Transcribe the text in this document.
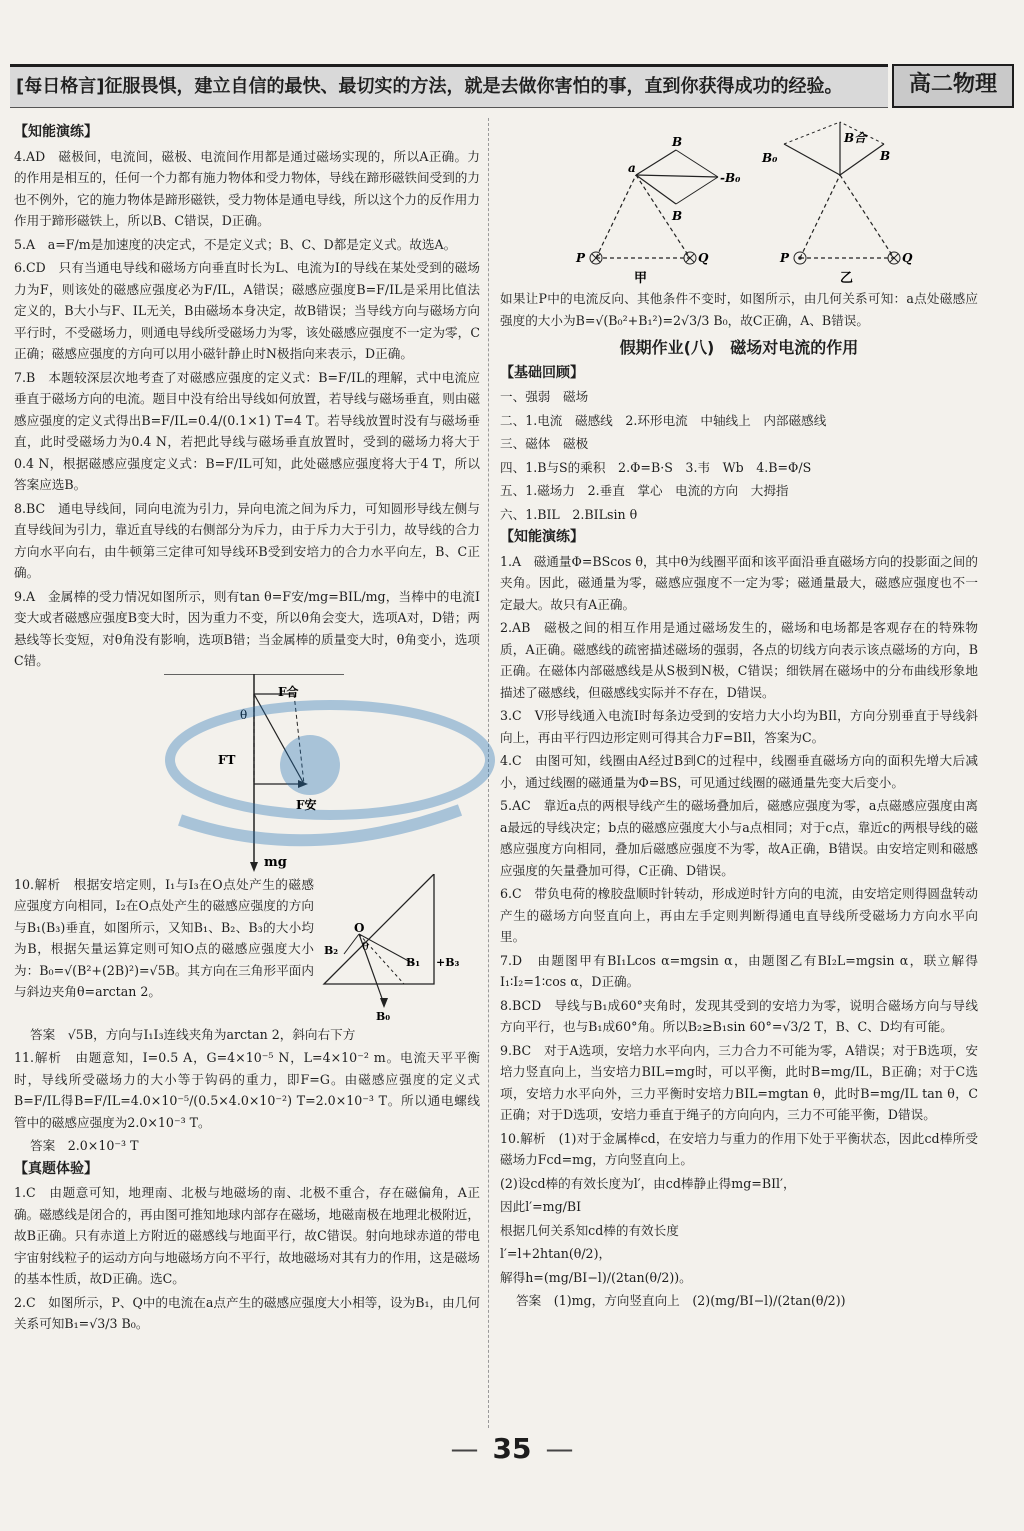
[每日格言]征服畏惧，建立自信的最快、最切实的方法，就是去做你害怕的事，直到你获得成功的经验。	高二物理
【知能演练】
4.AD　磁极间，电流间，磁极、电流间作用都是通过磁场实现的，所以A正确。力的作用是相互的，任何一个力都有施力物体和受力物体，导线在蹄形磁铁间受到的力也不例外，它的施力物体是蹄形磁铁，受力物体是通电导线，所以这个力的反作用力作用于蹄形磁铁上，所以B、C错误，D正确。
5.A　a=F/m是加速度的决定式，不是定义式；B、C、D都是定义式。故选A。
6.CD　只有当通电导线和磁场方向垂直时长为L、电流为I的导线在某处受到的磁场力为F，则该处的磁感应强度必为F/IL，A错误；磁感应强度B=F/IL是采用比值法定义的，B大小与F、IL无关，B由磁场本身决定，故B错误；当导线方向与磁场方向平行时，不受磁场力，则通电导线所受磁场力为零，该处磁感应强度不一定为零，C正确；磁感应强度的方向可以用小磁针静止时N极指向来表示，D正确。
7.B　本题较深层次地考查了对磁感应强度的定义式：B=F/IL的理解，式中电流应垂直于磁场方向的电流。题目中没有给出导线如何放置，若导线与磁场垂直，则由磁感应强度的定义式得出B=F/IL=0.4/(0.1×1) T=4 T。若导线放置时没有与磁场垂直，此时受磁场力为0.4 N，若把此导线与磁场垂直放置时，受到的磁场力将大于0.4 N，根据磁感应强度定义式：B=F/IL可知，此处磁感应强度将大于4 T，所以答案应选B。
8.BC　通电导线间，同向电流为引力，异向电流之间为斥力，可知圆形导线左侧与直导线间为引力，靠近直导线的右侧部分为斥力，由于斥力大于引力，故导线的合力方向水平向右，由牛顿第三定律可知导线环B受到安培力的合力水平向左，B、C正确。
9.A　金属棒的受力情况如图所示，则有tan θ=F安/mg=BIL/mg，当棒中的电流I变大或者磁感应强度B变大时，因为重力不变，所以θ角会变大，选项A对，D错；两悬线等长变短，对θ角没有影响，选项B错；当金属棒的质量变大时，θ角变小，选项C错。
F合
θ
FT
F安
mg
10.解析　根据安培定则，I₁与I₃在O点处产生的磁感应强度方向相同，I₂在O点处产生的磁感应强度的方向与B₁(B₃)垂直，如图所示，又知B₁、B₂、B₃的大小均为B，根据矢量运算定则可知O点的磁感应强度大小为：B₀=√(B²+(2B)²)=√5B。其方向在三角形平面内与斜边夹角θ=arctan 2。
O
B₂
B₁ +B₃
B₀
θ
答案　√5B，方向与I₁I₃连线夹角为arctan 2，斜向右下方
11.解析　由题意知，I=0.5 A，G=4×10⁻⁵ N，L=4×10⁻² m。电流天平平衡时，导线所受磁场力的大小等于钩码的重力，即F=G。由磁感应强度的定义式B=F/IL得B=F/IL=4.0×10⁻⁵/(0.5×4.0×10⁻²) T=2.0×10⁻³ T。所以通电螺线管中的磁感应强度为2.0×10⁻³ T。
答案　2.0×10⁻³ T
【真题体验】
1.C　由题意可知，地理南、北极与地磁场的南、北极不重合，存在磁偏角，A正确。磁感线是闭合的，再由图可推知地球内部存在磁场，地磁南极在地理北极附近，故B正确。只有赤道上方附近的磁感线与地面平行，故C错误。射向地球赤道的带电宇宙射线粒子的运动方向与地磁场方向不平行，故地磁场对其有力的作用，这是磁场的基本性质，故D正确。选C。
2.C　如图所示，P、Q中的电流在a点产生的磁感应强度大小相等，设为B₁，由几何关系可知B₁=√3/3 B₀。
a
B
B
-B₀
P	Q
甲
B合
B
B₀
P	Q
乙
如果让P中的电流反向、其他条件不变时，如图所示，由几何关系可知：a点处磁感应强度的大小为B=√(B₀²+B₁²)=2√3/3 B₀，故C正确，A、B错误。
假期作业(八)　磁场对电流的作用
【基础回顾】
一、强弱　磁场
二、1.电流　磁感线　2.环形电流　中轴线上　内部磁感线
三、磁体　磁极
四、1.B与S的乘积　2.Φ=B·S　3.韦　Wb　4.B=Φ/S
五、1.磁场力　2.垂直　掌心　电流的方向　大拇指
六、1.BIL　2.BILsin θ
【知能演练】
1.A　磁通量Φ=BScos θ，其中θ为线圈平面和该平面沿垂直磁场方向的投影面之间的夹角。因此，磁通量为零，磁感应强度不一定为零；磁通量最大，磁感应强度也不一定最大。故只有A正确。
2.AB　磁极之间的相互作用是通过磁场发生的，磁场和电场都是客观存在的特殊物质，A正确。磁感线的疏密描述磁场的强弱，各点的切线方向表示该点磁场的方向，B正确。在磁体内部磁感线是从S极到N极，C错误；细铁屑在磁场中的分布曲线形象地描述了磁感线，但磁感线实际并不存在，D错误。
3.C　V形导线通入电流I时每条边受到的安培力大小均为BIl，方向分别垂直于导线斜向上，再由平行四边形定则可得其合力F=BIl，答案为C。
4.C　由图可知，线圈由A经过B到C的过程中，线圈垂直磁场方向的面积先增大后减小，通过线圈的磁通量为Φ=BS，可见通过线圈的磁通量先变大后变小。
5.AC　靠近a点的两根导线产生的磁场叠加后，磁感应强度为零，a点磁感应强度由离a最远的导线决定；b点的磁感应强度大小与a点相同；对于c点，靠近c的两根导线的磁感应强度方向相同，叠加后磁感应强度不为零，故A正确，B错误。由安培定则和磁感应强度的矢量叠加可得，C正确、D错误。
6.C　带负电荷的橡胶盘顺时针转动，形成逆时针方向的电流，由安培定则得圆盘转动产生的磁场方向竖直向上，再由左手定则判断得通电直导线所受磁场力方向水平向里。
7.D　由题图甲有BI₁Lcos α=mgsin α，由题图乙有BI₂L=mgsin α，联立解得I₁∶I₂=1∶cos α，D正确。
8.BCD　导线与B₁成60°夹角时，发现其受到的安培力为零，说明合磁场方向与导线方向平行，也与B₁成60°角。所以B₂≥B₁sin 60°=√3/2 T，B、C、D均有可能。
9.BC　对于A选项，安培力水平向内，三力合力不可能为零，A错误；对于B选项，安培力竖直向上，当安培力BIL=mg时，可以平衡，此时B=mg/IL，B正确；对于C选项，安培力水平向外，三力平衡时安培力BIL=mgtan θ，此时B=mg/IL tan θ，C正确；对于D选项，安培力垂直于绳子的方向向内，三力不可能平衡，D错误。
10.解析　(1)对于金属棒cd，在安培力与重力的作用下处于平衡状态，因此cd棒所受磁场力Fcd=mg，方向竖直向上。
(2)设cd棒的有效长度为l′，由cd棒静止得mg=BIl′，
因此l′=mg/BI
根据几何关系知cd棒的有效长度
l′=l+2htan(θ/2)，
解得h=(mg/BI−l)/(2tan(θ/2))。
答案　(1)mg，方向竖直向上　(2)(mg/BI−l)/(2tan(θ/2))
— 35 —
